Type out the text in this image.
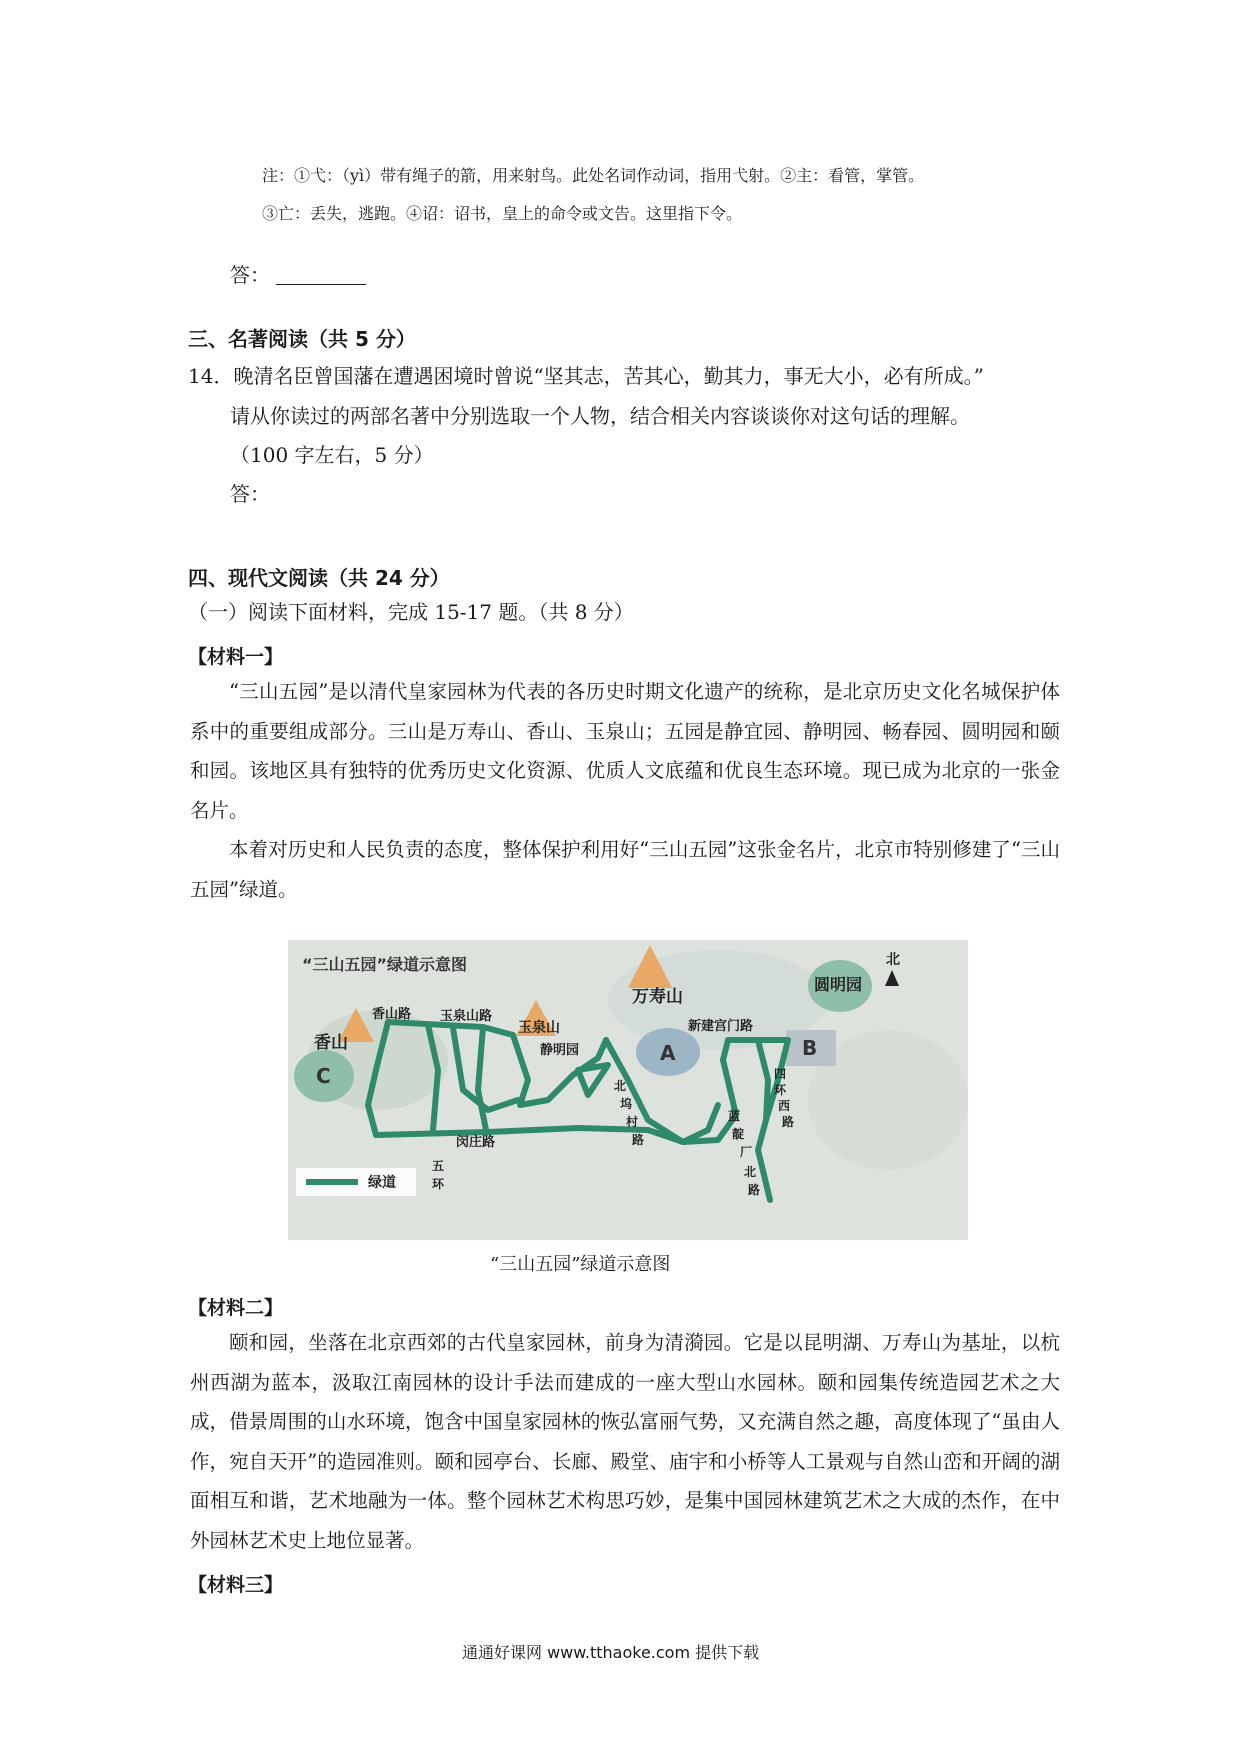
注：①弋：（yì）带有绳子的箭，用来射鸟。此处名词作动词，指用弋射。②主：看管，掌管。
③亡：丢失，逃跑。④诏：诏书，皇上的命令或文告。这里指下令。
答：
三、名著阅读（共 5 分）
14．晚清名臣曾国藩在遭遇困境时曾说“坚其志，苦其心，勤其力，事无大小，必有所成。”
请从你读过的两部名著中分别选取一个人物，结合相关内容谈谈你对这句话的理解。
（100 字左右，5 分）
答：
四、现代文阅读（共 24 分）
（一）阅读下面材料，完成 15-17 题。（共 8 分）
【材料一】

“三山五园”是以清代皇家园林为代表的各历史时期文化遗产的统称，是北京历史文化名城保护体系中的重要组成部分。三山是万寿山、香山、玉泉山；五园是静宜园、静明园、畅春园、圆明园和颐和园。该地区具有独特的优秀历史文化资源、优质人文底蕴和优良生态环境。现已成为北京的一张金名片。

本着对历史和人民负责的态度，整体保护利用好“三山五园”这张金名片，北京市特别修建了“三山五园”绿道。

“三山五园”绿道示意图	北
万寿山
圆明园
香山
香山路 玉泉山路
玉泉山
静明园
新建宫门路
A	B
C	北坞村路
四环西路
蓝靛厂北路
闵庄路
五环
绿道
“三山五园”绿道示意图
【材料二】

颐和园，坐落在北京西郊的古代皇家园林，前身为清漪园。它是以昆明湖、万寿山为基址，以杭州西湖为蓝本，汲取江南园林的设计手法而建成的一座大型山水园林。颐和园集传统造园艺术之大成，借景周围的山水环境，饱含中国皇家园林的恢弘富丽气势，又充满自然之趣，高度体现了“虽由人作，宛自天开”的造园准则。颐和园亭台、长廊、殿堂、庙宇和小桥等人工景观与自然山峦和开阔的湖面相互和谐，艺术地融为一体。整个园林艺术构思巧妙，是集中国园林建筑艺术之大成的杰作，在中外园林艺术史上地位显著。

【材料三】
通通好课网 www.tthaoke.com 提供下载
